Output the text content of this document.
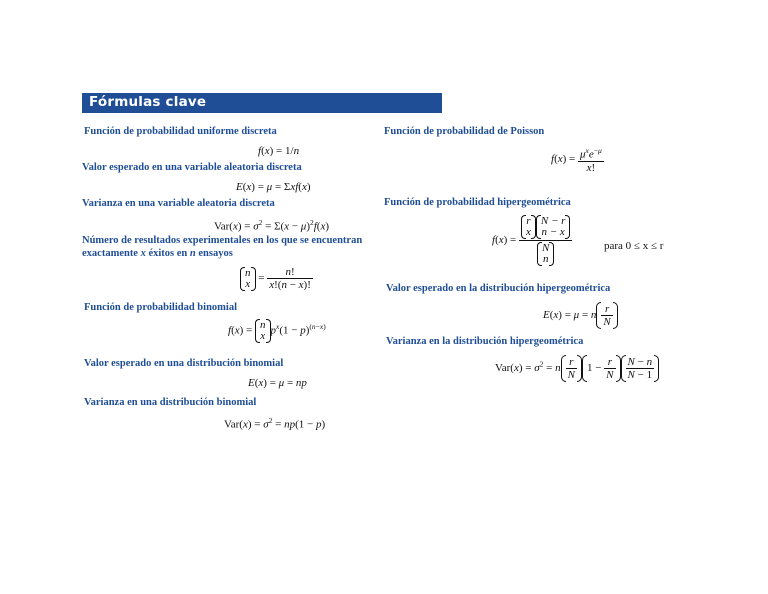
Fórmulas clave
Función de probabilidad uniforme discreta
f(x) = 1/n
Valor esperado en una variable aleatoria discreta
E(x) = μ = Σxf(x)
Varianza en una variable aleatoria discreta
$Var(x) = \sigma^2 = \Sigma(x - \mu)^2f(x)$
Número de resultados experimentales en los que se encuentran
exactamente x éxitos en n ensayos
n
$x = \frac{n!}{x!(n - x)!}$
Función de probabilidad binomial
f(x) = n
x $p^x(1 - p)^{(n-x)}$
Valor esperado en una distribución binomial
E(x) = μ = np
Varianza en una distribución binomial
$Var(x) = \sigma^2 = np(1 - p)$
Función de probabilidad de Poisson
$f(x) = \frac{\mu^xe^{-\mu}}{x!}$
Función de probabilidad hipergeométrica
f(x) = r
x
N − r
n − x
N
n	para 0 ≤ x ≤ r
Valor esperado en la distribución hipergeométrica
E(x) = μ = n $\frac{r}{N}$
Varianza en la distribución hipergeométrica
$Var(x) = \sigma^2 = n \frac{r}{N} 1 - \frac{r}{N} \frac{N - n}{N - 1}$
